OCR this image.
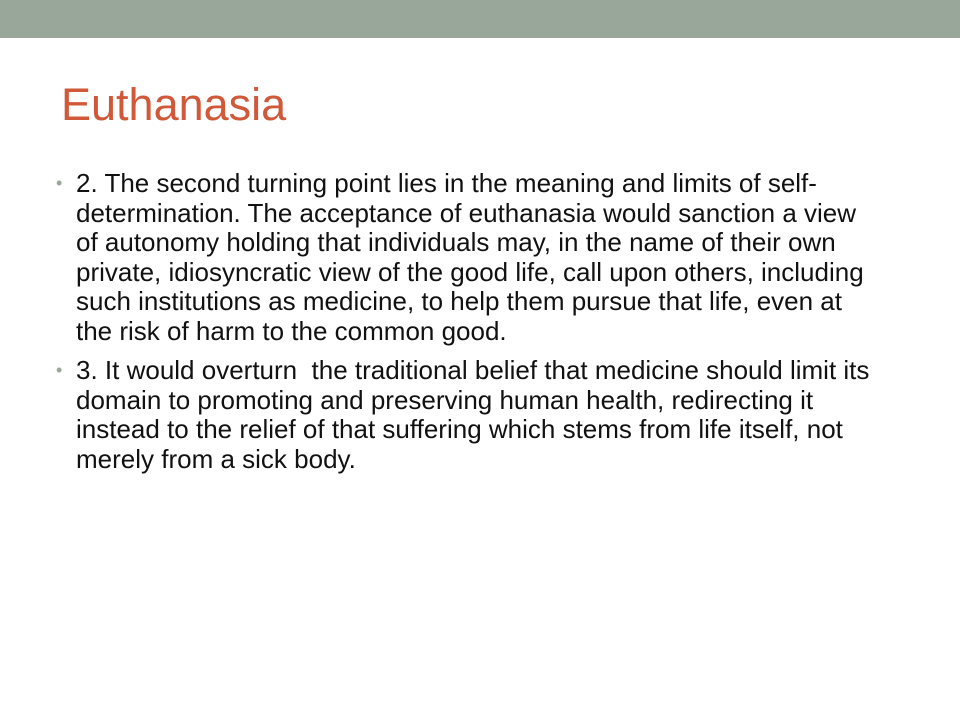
Euthanasia
• 2. The second turning point lies in the meaning and limits of self-determination. The acceptance of euthanasia would sanction a view of autonomy holding that individuals may, in the name of their own private, idiosyncratic view of the good life, call upon others, including such institutions as medicine, to help them pursue that life, even at the risk of harm to the common good.
• 3. It would overturn  the traditional belief that medicine should limit its domain to promoting and preserving human health, redirecting it instead to the relief of that suffering which stems from life itself, not merely from a sick body.
